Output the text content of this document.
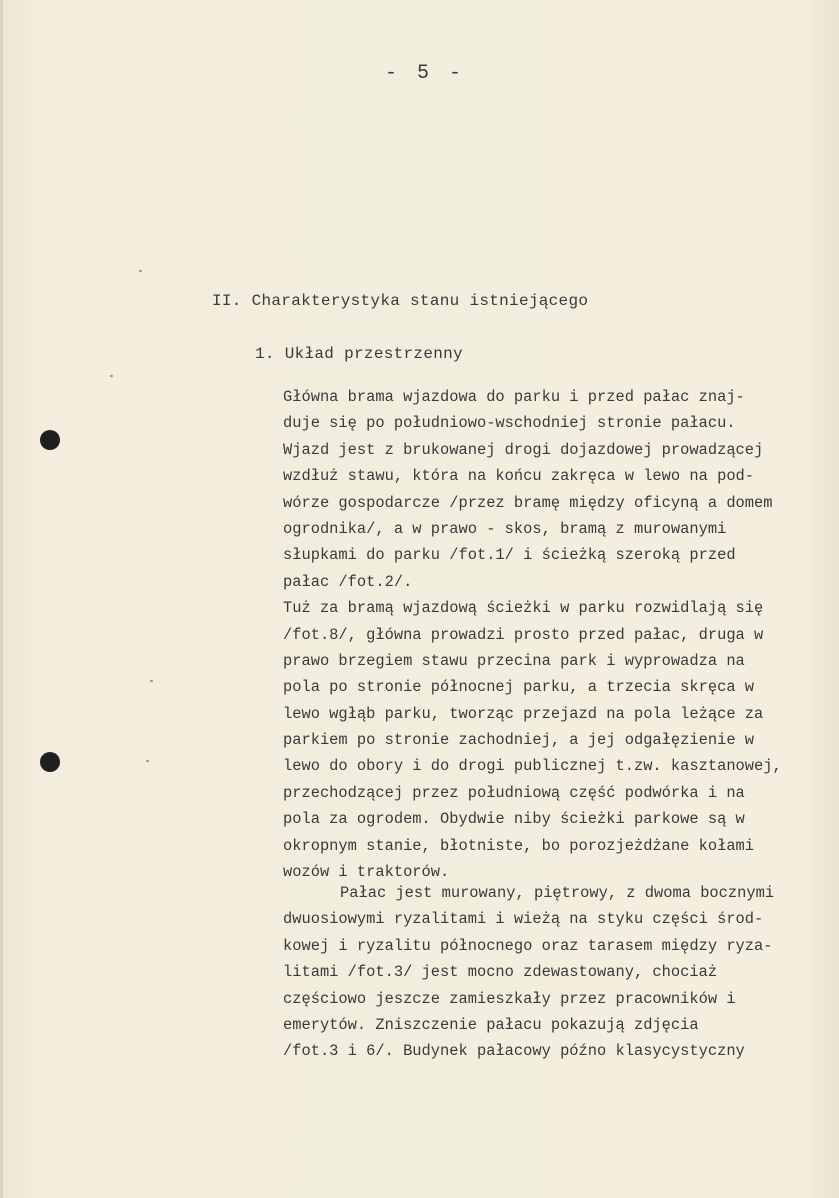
- 5 -
II. Charakterystyka stanu istniejącego
1. Układ przestrzenny
Główna brama wjazdowa do parku i przed pałac znaj-
duje się po południowo-wschodniej stronie pałacu.
Wjazd jest z brukowanej drogi dojazdowej prowadzącej
wzdłuż stawu, która na końcu zakręca w lewo na pod-
wórze gospodarcze /przez bramę między oficyną a domem
ogrodnika/, a w prawo - skos, bramą z murowanymi
słupkami do parku /fot.1/ i ścieżką szeroką przed
pałac /fot.2/.
Tuż za bramą wjazdową ścieżki w parku rozwidlają się
/fot.8/, główna prowadzi prosto przed pałac, druga w
prawo brzegiem stawu przecina park i wyprowadza na
pola po stronie północnej parku, a trzecia skręca w
lewo wgłąb parku, tworząc przejazd na pola leżące za
parkiem po stronie zachodniej, a jej odgałęzienie w
lewo do obory i do drogi publicznej t.zw. kasztanowej,
przechodzącej przez południową część podwórka i na
pola za ogrodem. Obydwie niby ścieżki parkowe są w
okropnym stanie, błotniste, bo porozjeżdżane kołami
wozów i traktorów.
Pałac jest murowany, piętrowy, z dwoma bocznymi
dwuosiowymi ryzalitami i wieżą na styku części środ-
kowej i ryzalitu północnego oraz tarasem między ryza-
litami /fot.3/ jest mocno zdewastowany, chociaż
częściowo jeszcze zamieszkały przez pracowników i
emerytów. Zniszczenie pałacu pokazują zdjęcia
/fot.3 i 6/. Budynek pałacowy późno klasycystyczny
